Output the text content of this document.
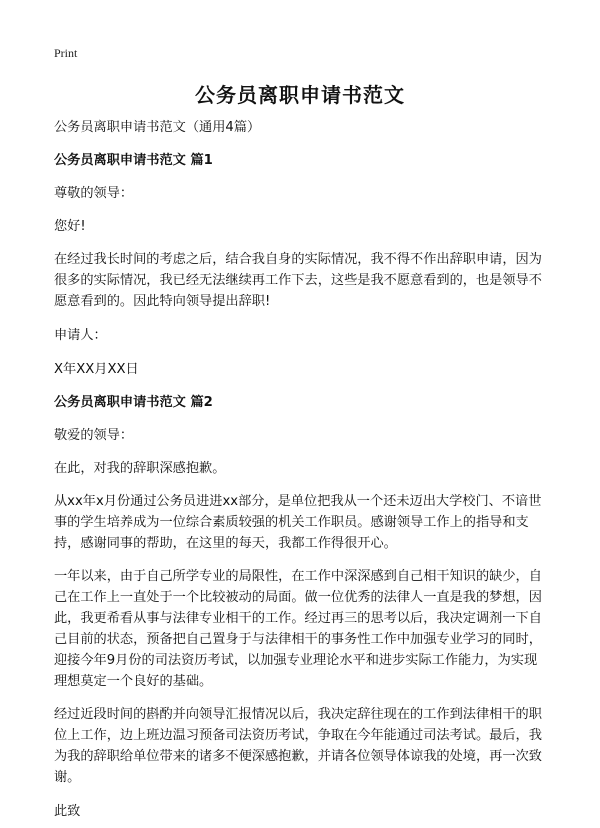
Print
公务员离职申请书范文

公务员离职申请书范文（通用4篇）

公务员离职申请书范文 篇1

尊敬的领导：

您好!

在经过我长时间的考虑之后，结合我自身的实际情况，我不得不作出辞职申请，因为很多的实际情况，我已经无法继续再工作下去，这些是我不愿意看到的，也是领导不愿意看到的。因此特向领导提出辞职!

申请人：

X年XX月XX日

公务员离职申请书范文 篇2

敬爱的领导：

在此，对我的辞职深感抱歉。

从xx年x月份通过公务员进进xx部分，是单位把我从一个还未迈出大学校门、不谙世事的学生培养成为一位综合素质较强的机关工作职员。感谢领导工作上的指导和支持，感谢同事的帮助，在这里的每天，我都工作得很开心。

一年以来，由于自己所学专业的局限性，在工作中深深感到自己相干知识的缺少，自己在工作上一直处于一个比较被动的局面。做一位优秀的法律人一直是我的梦想，因此，我更希看从事与法律专业相干的工作。经过再三的思考以后，我决定调剂一下自己目前的状态，预备把自己置身于与法律相干的事务性工作中加强专业学习的同时，迎接今年9月份的司法资历考试，以加强专业理论水平和进步实际工作能力，为实现理想莫定一个良好的基础。

经过近段时间的斟酌并向领导汇报情况以后，我决定辞往现在的工作到法律相干的职位上工作，边上班边温习预备司法资历考试，争取在今年能通过司法考试。最后，我为我的辞职给单位带来的诸多不便深感抱歉，并请各位领导体谅我的处境，再一次致谢。

此致
